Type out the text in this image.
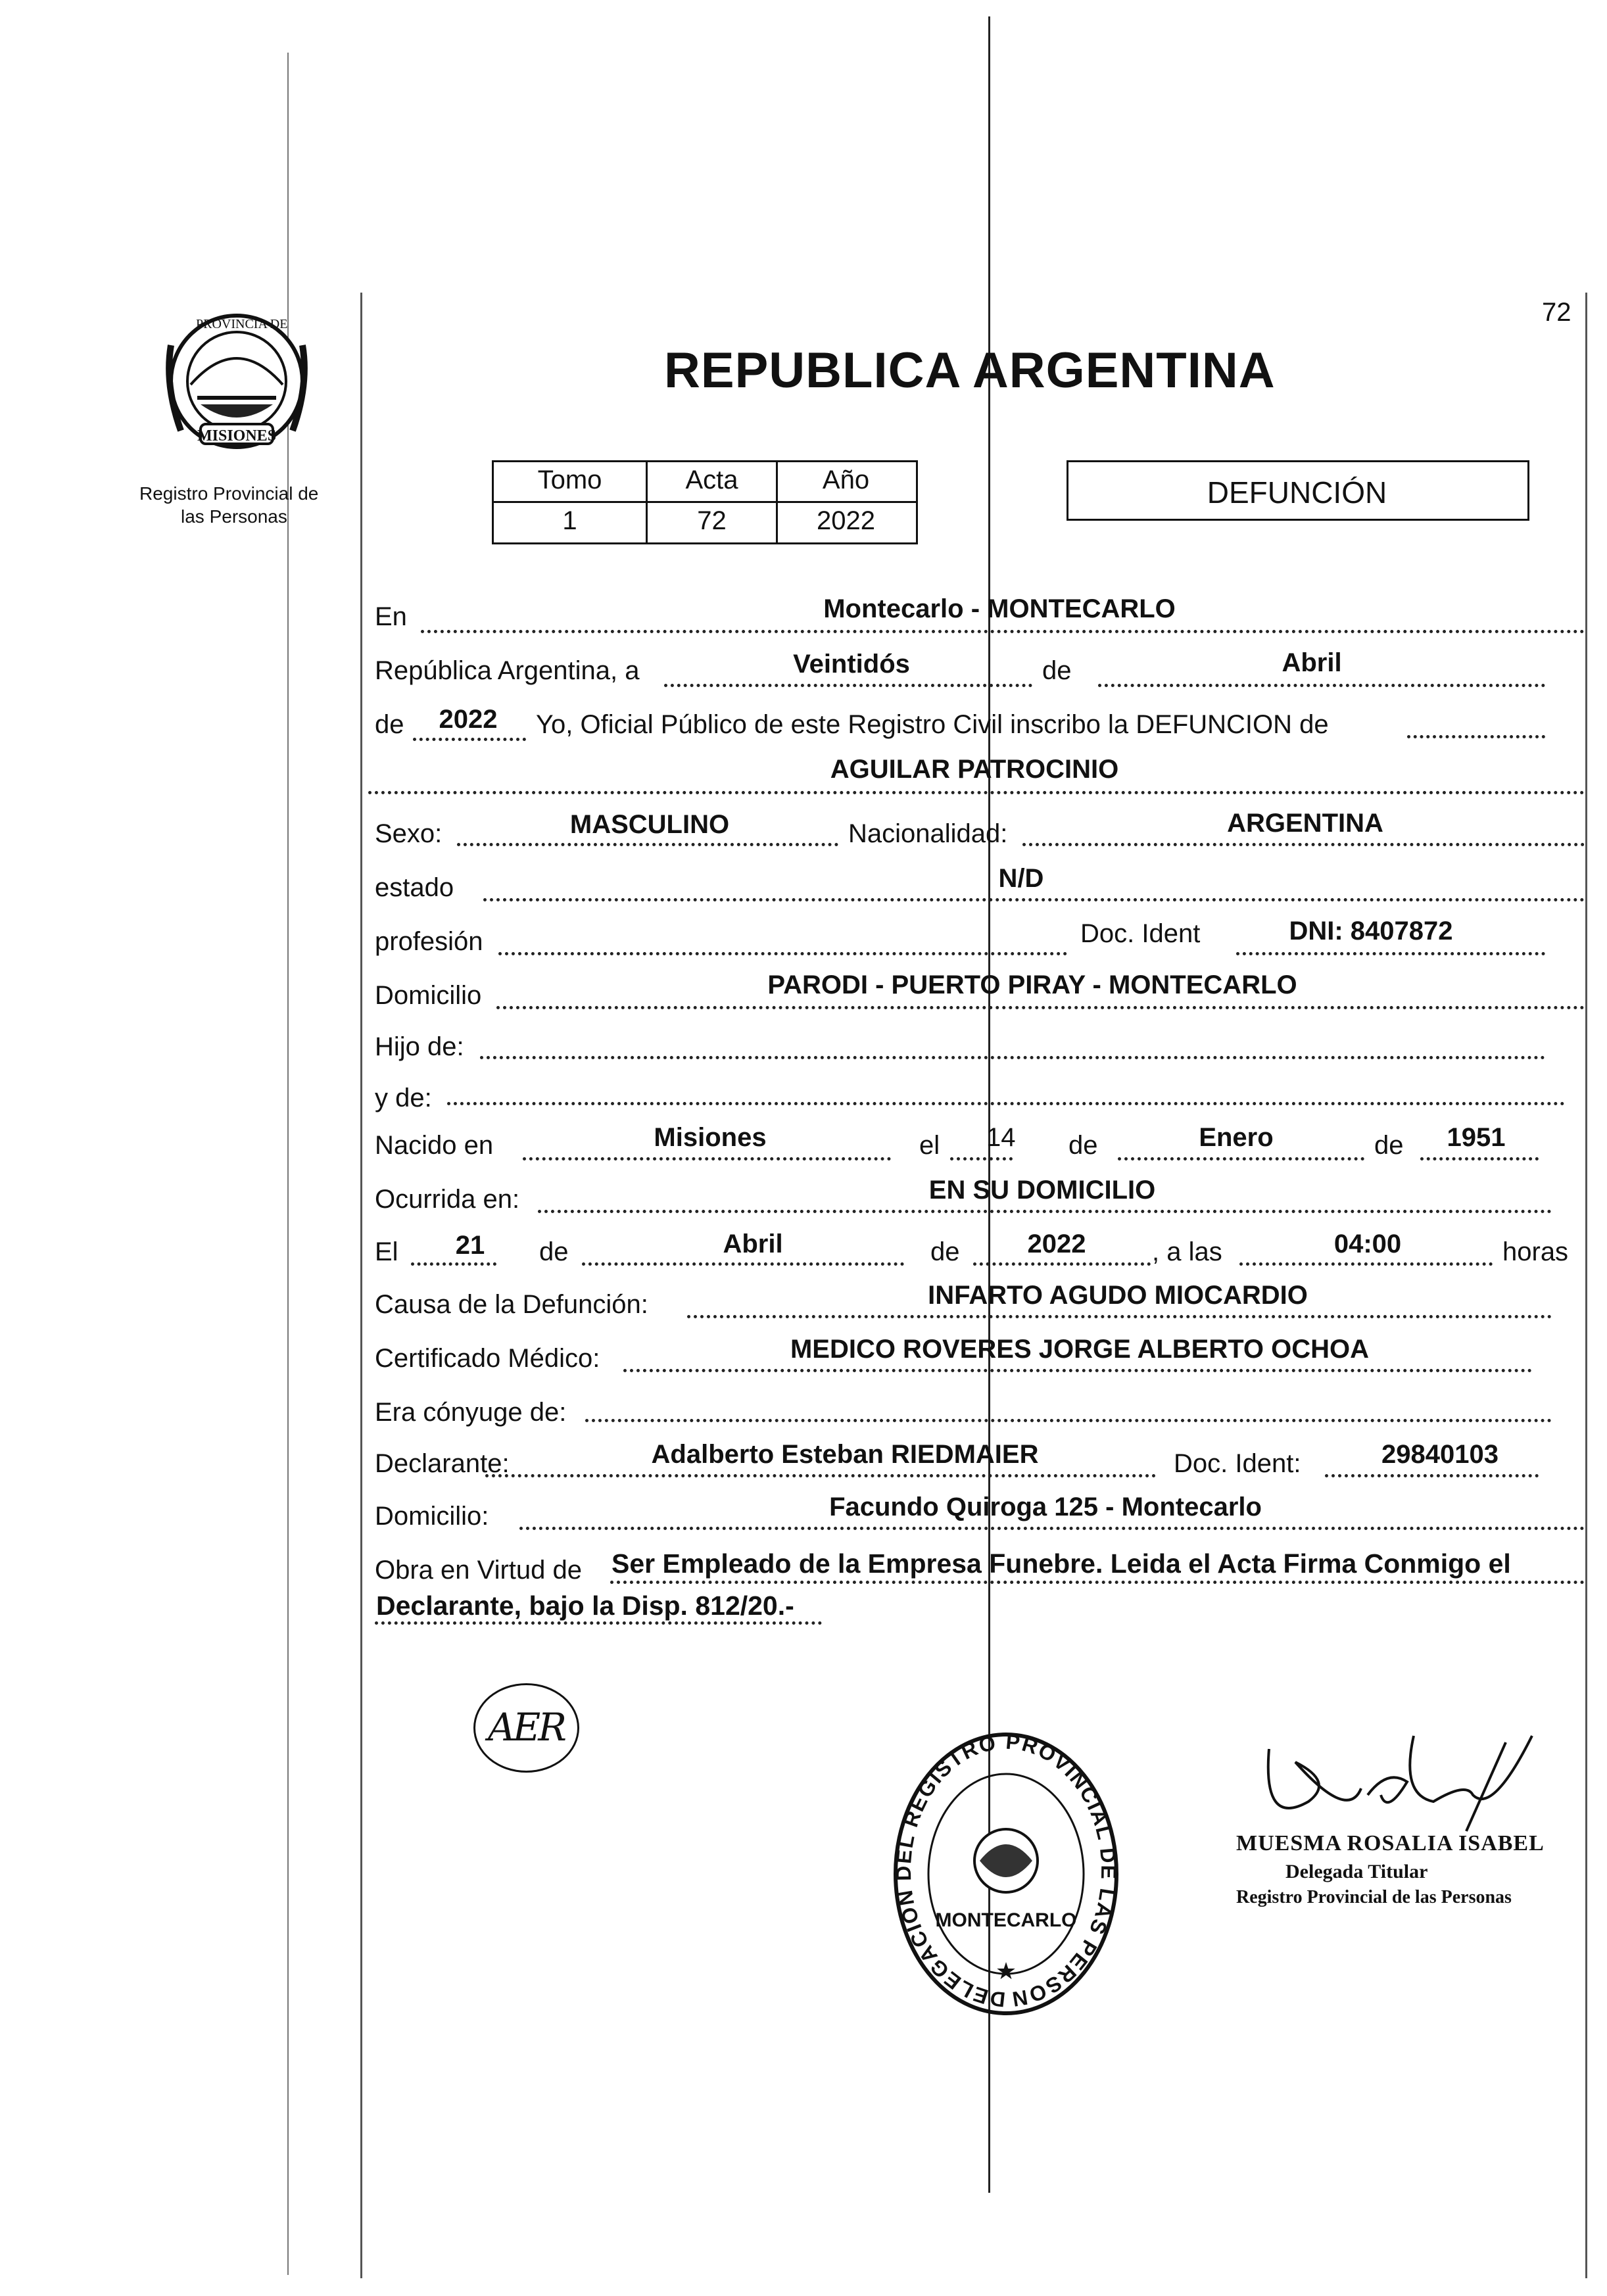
72
PROVINCIA DE
MISIONES
Registro Provincial de
las Personas
REPUBLICA ARGENTINA
Tomo	Acta	Año
1	72	2022
DEFUNCIÓN
En	Montecarlo - MONTECARLO
República Argentina, a	Veintidós	de	Abril
de 2022 Yo, Oficial Público de este Registro Civil inscribo la DEFUNCION de
AGUILAR PATROCINIO
Sexo:	MASCULINO	Nacionalidad:	ARGENTINA
estado	N/D
profesión	Doc. Ident	DNI: 8407872
Domicilio	PARODI - PUERTO PIRAY - MONTECARLO
Hijo de:
y de:
Nacido en	Misiones	el 14 de	Enero	de 1951
Ocurrida en:	EN SU DOMICILIO
El 21 de	Abril	de	2022	, a las	04:00	horas
Causa de la Defunción:	INFARTO AGUDO MIOCARDIO
Certificado Médico:	MEDICO ROVERES JORGE ALBERTO OCHOA
Era cónyuge de:
Declarante:	Adalberto Esteban RIEDMAIER	Doc. Ident:	29840103
Domicilio:	Facundo Quiroga 125 - Montecarlo
Obra en Virtud de Ser Empleado de la Empresa Funebre. Leida el Acta Firma Conmigo el
Declarante, bajo la Disp. 812/20.-
AER
DELEGACION DEL REGISTRO PROVINCIAL DE LAS PERSON
MONTECARLO
★
MUESMA ROSALIA ISABEL
Delegada Titular
Registro Provincial de las Personas
